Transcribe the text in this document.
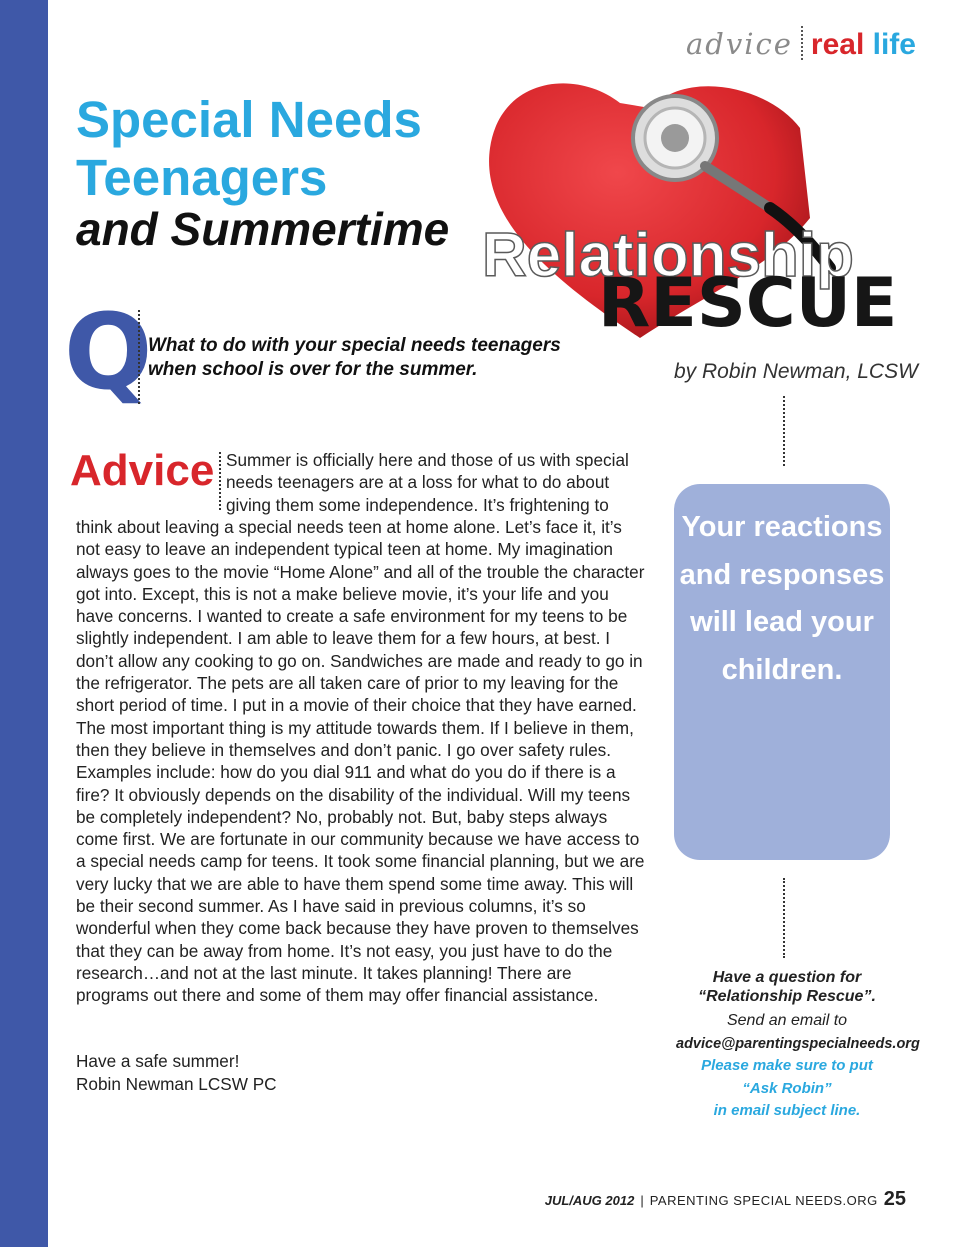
advice real life
Special Needs
Teenagers
and Summertime Relationship
RESCUE
Q
What to do with your special needs teenagers when school is over for the summer.	by Robin Newman, LCSW
Advice Summer is officially here and those of us with special needs teenagers are at a loss for what to do about giving them some independence. It’s frightening to
think about leaving a special needs teen at home alone. Let’s face it, it’s not easy to leave an independent typical teen at home. My imagination always goes to the movie “Home Alone” and all of the trouble the character got into. Except, this is not a make believe movie, it’s your life and you have concerns. I wanted to create a safe environment for my teens to be slightly independent. I am able to leave them for a few hours, at best. I don’t allow any cooking to go on. Sandwiches are made and ready to go in the refrigerator. The pets are all taken care of prior to my leaving for the short period of time. I put in a movie of their choice that they have earned. The most important thing is my attitude towards them. If I believe in them, then they believe in themselves and don’t panic. I go over safety rules. Examples include: how do you dial 911 and what do you do if there is a fire? It obviously depends on the disability of the individual. Will my teens be completely independent? No, probably not. But, baby steps always come first. We are fortunate in our community because we have access to a special needs camp for teens. It took some financial planning, but we are very lucky that we are able to have them spend some time away. This will be their second summer. As I have said in previous columns, it’s so wonderful when they come back because they have proven to themselves that they can be away from home. It’s not easy, you just have to do the research…and not at the last minute. It takes planning! There are programs out there and some of them may offer financial assistance.
Have a safe summer!
Robin Newman LCSW PC
Your reactions and responses will lead your children.
Have a question for
“Relationship Rescue”.
Send an email to
advice@parentingspecialneeds.org
Please make sure to put
“Ask Robin”
in email subject line.
JUL/AUG 2012 | PARENTING SPECIAL NEEDS.ORG 25
